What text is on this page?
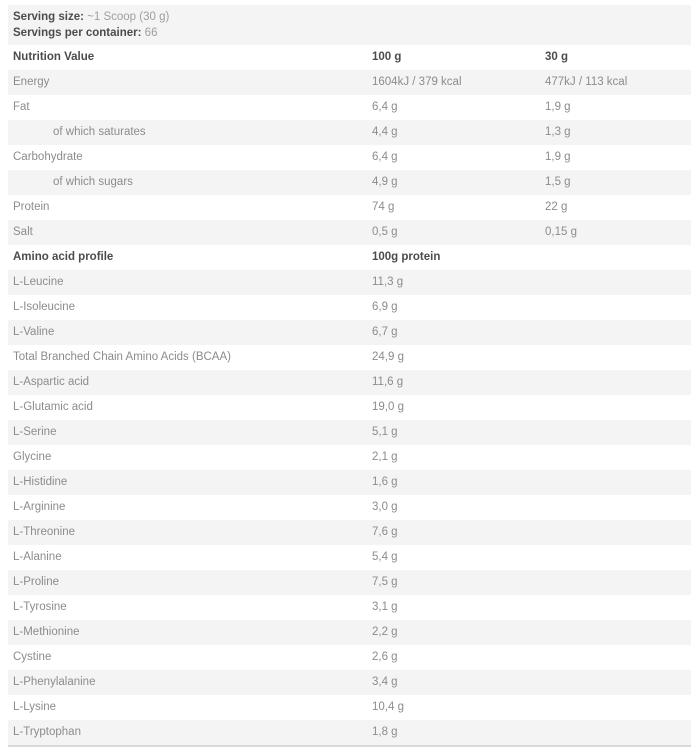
Serving size: ~1 Scoop (30 g)
Servings per container: 66
Nutrition Value	100 g	30 g
Energy	1604kJ / 379 kcal	477kJ / 113 kcal
Fat	6,4 g	1,9 g
of which saturates	4,4 g	1,3 g
Carbohydrate	6,4 g	1,9 g
of which sugars	4,9 g	1,5 g
Protein	74 g	22 g
Salt	0,5 g	0,15 g
Amino acid profile	100g protein
L-Leucine	11,3 g
L-Isoleucine	6,9 g
L-Valine	6,7 g
Total Branched Chain Amino Acids (BCAA)	24,9 g
L-Aspartic acid	11,6 g
L-Glutamic acid	19,0 g
L-Serine	5,1 g
Glycine	2,1 g
L-Histidine	1,6 g
L-Arginine	3,0 g
L-Threonine	7,6 g
L-Alanine	5,4 g
L-Proline	7,5 g
L-Tyrosine	3,1 g
L-Methionine	2,2 g
Cystine	2,6 g
L-Phenylalanine	3,4 g
L-Lysine	10,4 g
L-Tryptophan	1,8 g
